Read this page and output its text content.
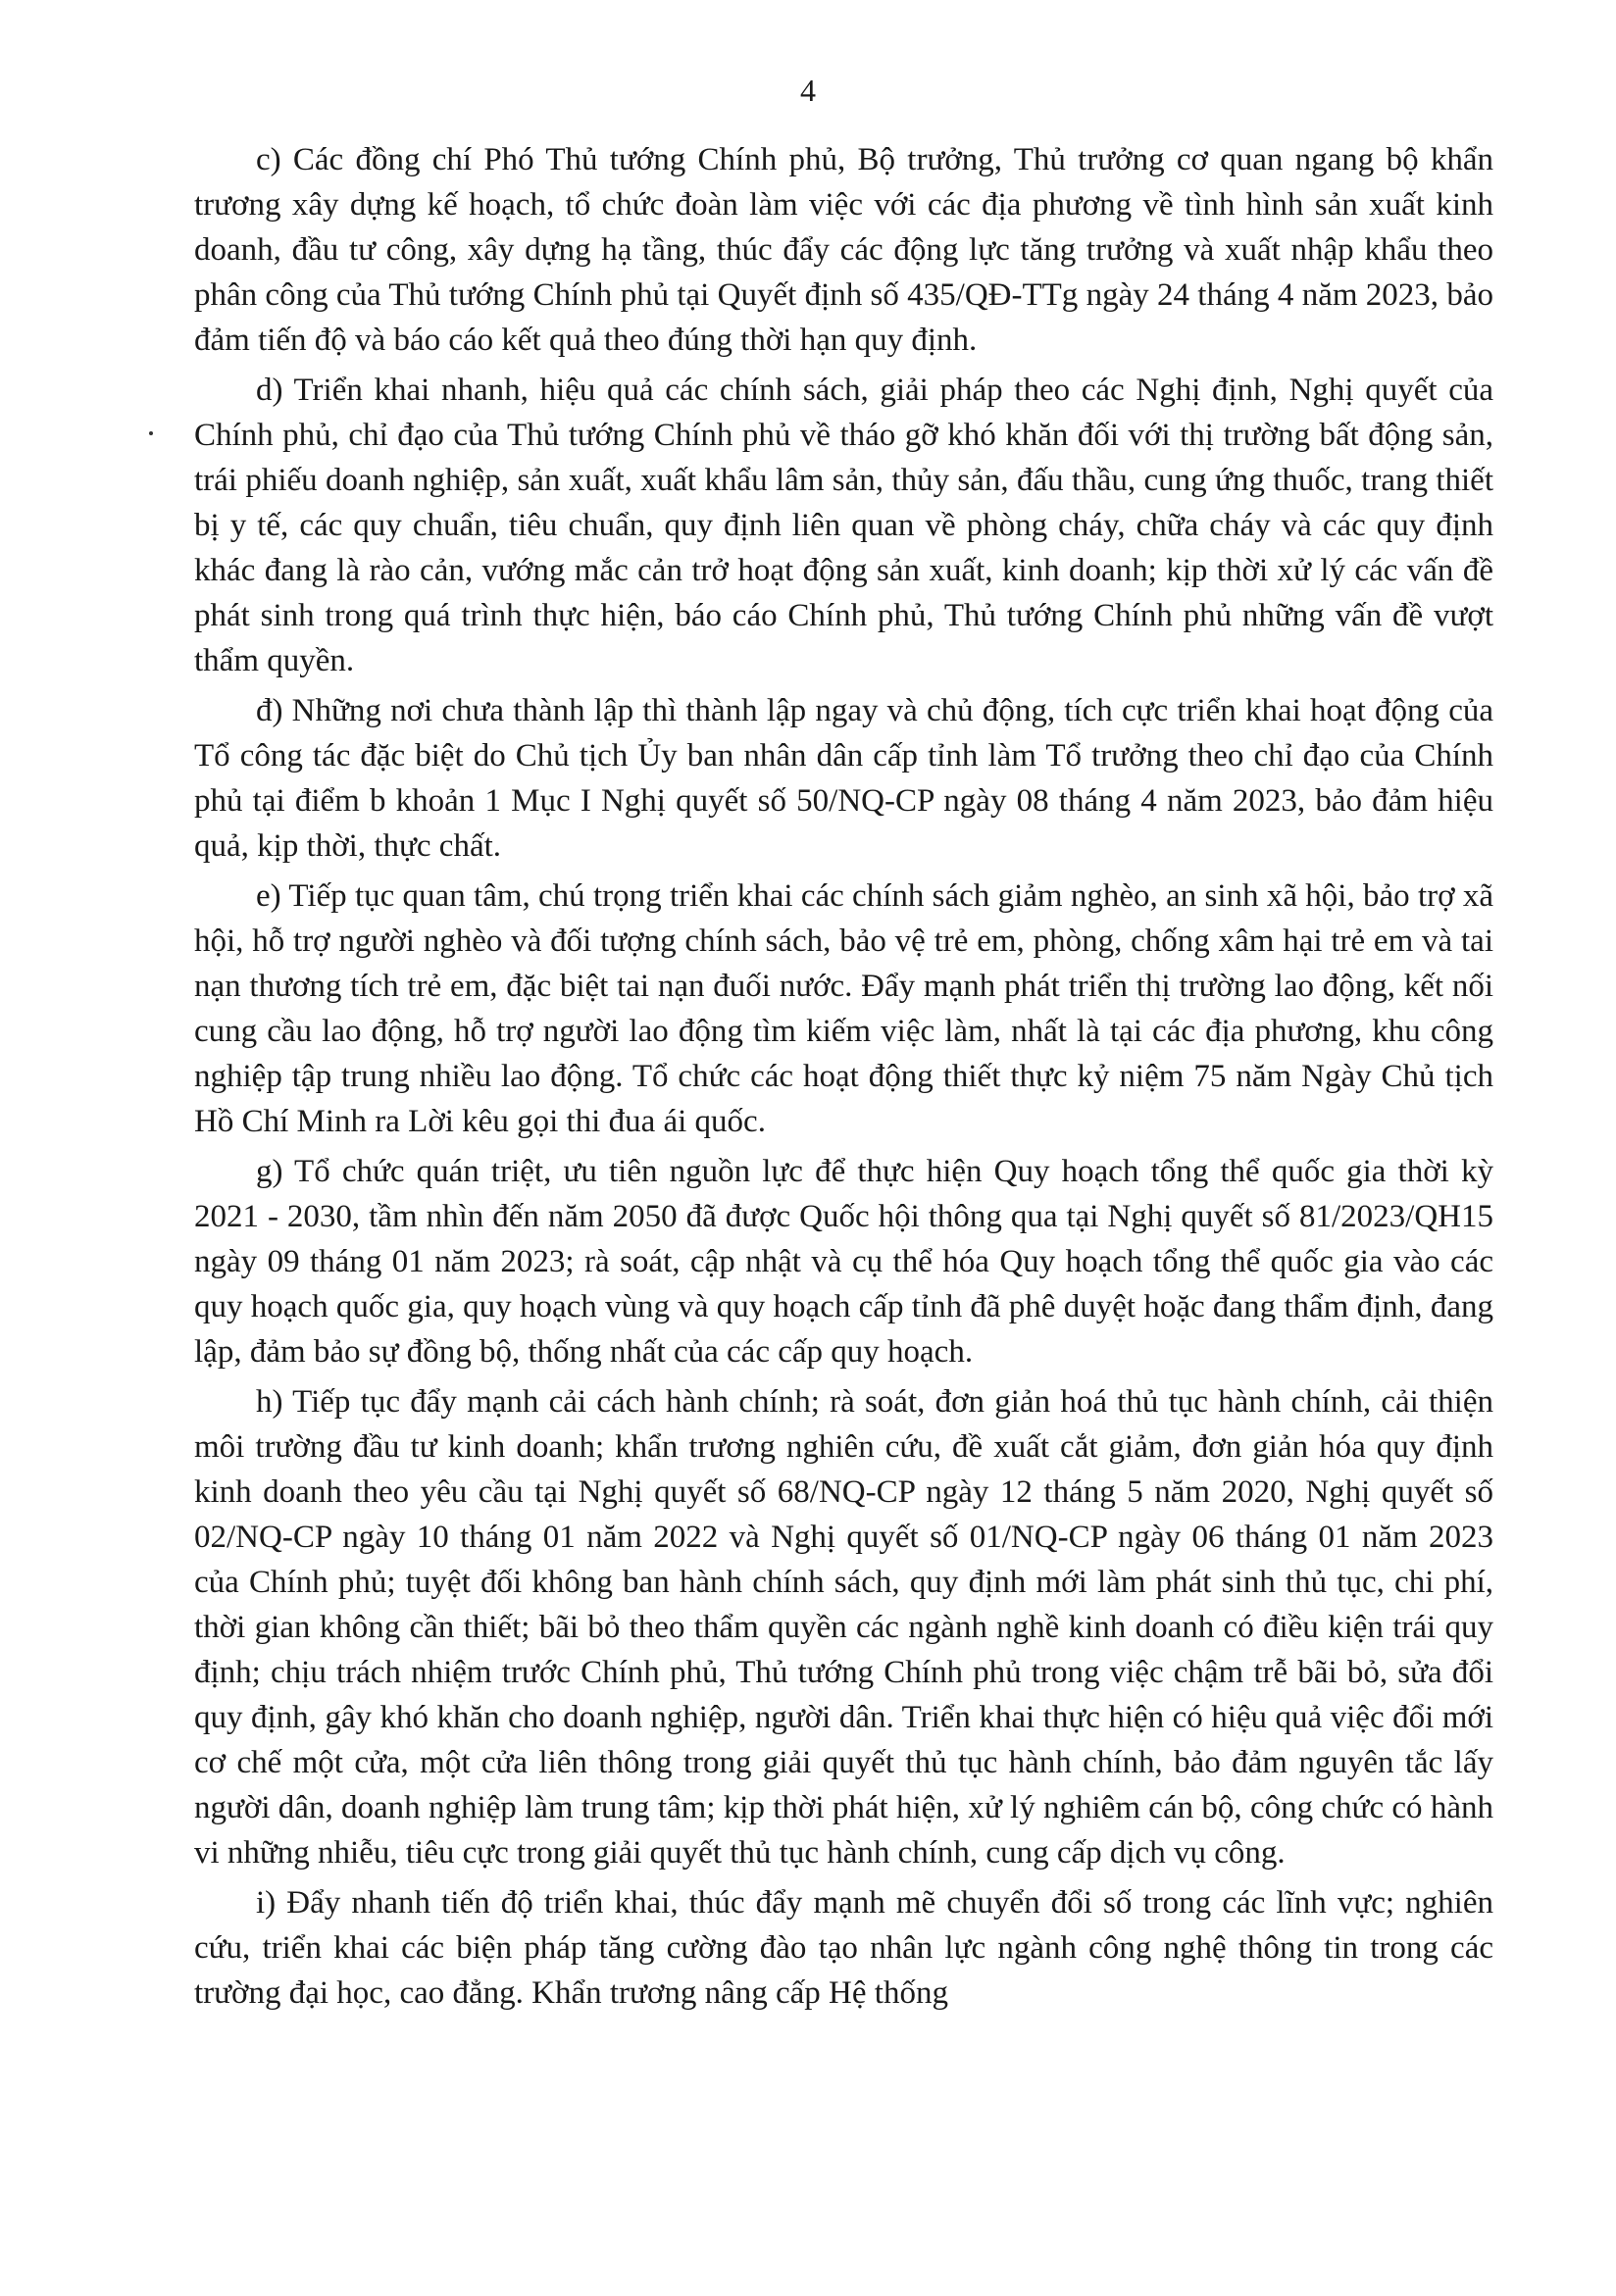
4

c) Các đồng chí Phó Thủ tướng Chính phủ, Bộ trưởng, Thủ trưởng cơ quan ngang bộ khẩn trương xây dựng kế hoạch, tổ chức đoàn làm việc với các địa phương về tình hình sản xuất kinh doanh, đầu tư công, xây dựng hạ tầng, thúc đẩy các động lực tăng trưởng và xuất nhập khẩu theo phân công của Thủ tướng Chính phủ tại Quyết định số 435/QĐ-TTg ngày 24 tháng 4 năm 2023, bảo đảm tiến độ và báo cáo kết quả theo đúng thời hạn quy định.

d) Triển khai nhanh, hiệu quả các chính sách, giải pháp theo các Nghị định, Nghị quyết của Chính phủ, chỉ đạo của Thủ tướng Chính phủ về tháo gỡ khó khăn đối với thị trường bất động sản, trái phiếu doanh nghiệp, sản xuất, xuất khẩu lâm sản, thủy sản, đấu thầu, cung ứng thuốc, trang thiết bị y tế, các quy chuẩn, tiêu chuẩn, quy định liên quan về phòng cháy, chữa cháy và các quy định khác đang là rào cản, vướng mắc cản trở hoạt động sản xuất, kinh doanh; kịp thời xử lý các vấn đề phát sinh trong quá trình thực hiện, báo cáo Chính phủ, Thủ tướng Chính phủ những vấn đề vượt thẩm quyền.

đ) Những nơi chưa thành lập thì thành lập ngay và chủ động, tích cực triển khai hoạt động của Tổ công tác đặc biệt do Chủ tịch Ủy ban nhân dân cấp tỉnh làm Tổ trưởng theo chỉ đạo của Chính phủ tại điểm b khoản 1 Mục I Nghị quyết số 50/NQ-CP ngày 08 tháng 4 năm 2023, bảo đảm hiệu quả, kịp thời, thực chất.

e) Tiếp tục quan tâm, chú trọng triển khai các chính sách giảm nghèo, an sinh xã hội, bảo trợ xã hội, hỗ trợ người nghèo và đối tượng chính sách, bảo vệ trẻ em, phòng, chống xâm hại trẻ em và tai nạn thương tích trẻ em, đặc biệt tai nạn đuối nước. Đẩy mạnh phát triển thị trường lao động, kết nối cung cầu lao động, hỗ trợ người lao động tìm kiếm việc làm, nhất là tại các địa phương, khu công nghiệp tập trung nhiều lao động. Tổ chức các hoạt động thiết thực kỷ niệm 75 năm Ngày Chủ tịch Hồ Chí Minh ra Lời kêu gọi thi đua ái quốc.

g) Tổ chức quán triệt, ưu tiên nguồn lực để thực hiện Quy hoạch tổng thể quốc gia thời kỳ 2021 - 2030, tầm nhìn đến năm 2050 đã được Quốc hội thông qua tại Nghị quyết số 81/2023/QH15 ngày 09 tháng 01 năm 2023; rà soát, cập nhật và cụ thể hóa Quy hoạch tổng thể quốc gia vào các quy hoạch quốc gia, quy hoạch vùng và quy hoạch cấp tỉnh đã phê duyệt hoặc đang thẩm định, đang lập, đảm bảo sự đồng bộ, thống nhất của các cấp quy hoạch.

h) Tiếp tục đẩy mạnh cải cách hành chính; rà soát, đơn giản hoá thủ tục hành chính, cải thiện môi trường đầu tư kinh doanh; khẩn trương nghiên cứu, đề xuất cắt giảm, đơn giản hóa quy định kinh doanh theo yêu cầu tại Nghị quyết số 68/NQ-CP ngày 12 tháng 5 năm 2020, Nghị quyết số 02/NQ-CP ngày 10 tháng 01 năm 2022 và Nghị quyết số 01/NQ-CP ngày 06 tháng 01 năm 2023 của Chính phủ; tuyệt đối không ban hành chính sách, quy định mới làm phát sinh thủ tục, chi phí, thời gian không cần thiết; bãi bỏ theo thẩm quyền các ngành nghề kinh doanh có điều kiện trái quy định; chịu trách nhiệm trước Chính phủ, Thủ tướng Chính phủ trong việc chậm trễ bãi bỏ, sửa đổi quy định, gây khó khăn cho doanh nghiệp, người dân. Triển khai thực hiện có hiệu quả việc đổi mới cơ chế một cửa, một cửa liên thông trong giải quyết thủ tục hành chính, bảo đảm nguyên tắc lấy người dân, doanh nghiệp làm trung tâm; kịp thời phát hiện, xử lý nghiêm cán bộ, công chức có hành vi những nhiễu, tiêu cực trong giải quyết thủ tục hành chính, cung cấp dịch vụ công.

i) Đẩy nhanh tiến độ triển khai, thúc đẩy mạnh mẽ chuyển đổi số trong các lĩnh vực; nghiên cứu, triển khai các biện pháp tăng cường đào tạo nhân lực ngành công nghệ thông tin trong các trường đại học, cao đẳng. Khẩn trương nâng cấp Hệ thống
